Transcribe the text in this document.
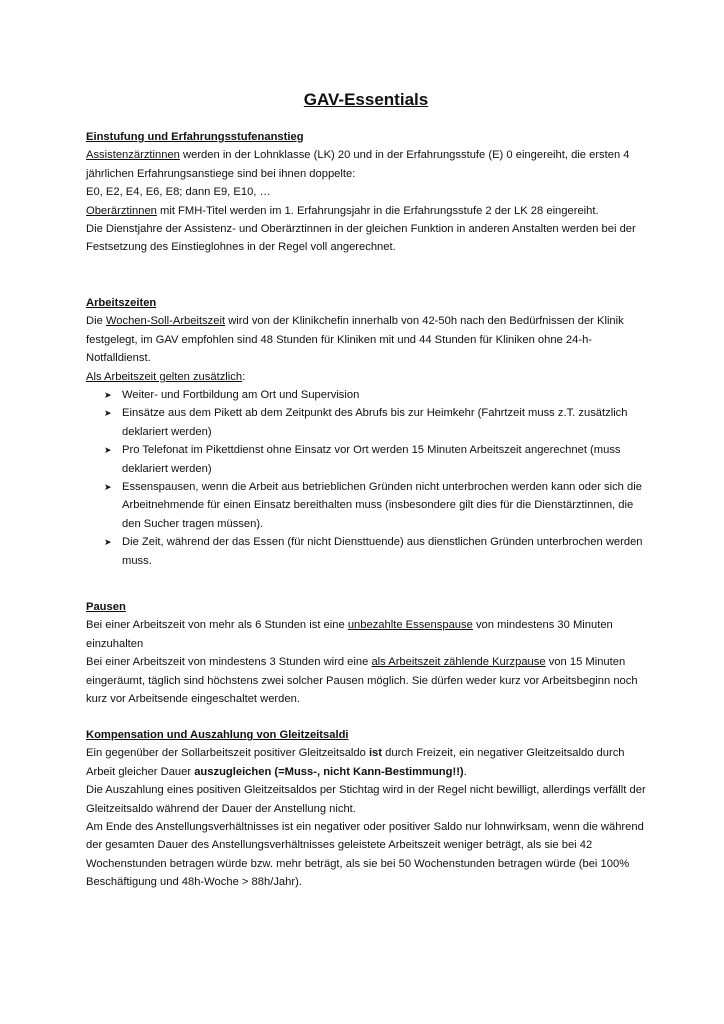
GAV-Essentials

Einstufung und Erfahrungsstufenanstieg

Assistenzärztinnen werden in der Lohnklasse (LK) 20 und in der Erfahrungsstufe (E) 0 eingereiht, die ersten 4 jährlichen Erfahrungsanstiege sind bei ihnen doppelte:

E0, E2, E4, E6, E8; dann E9, E10, …

Oberärztinnen mit FMH-Titel werden im 1. Erfahrungsjahr in die Erfahrungsstufe 2 der LK 28 eingereiht.

Die Dienstjahre der Assistenz- und Oberärztinnen in der gleichen Funktion in anderen Anstalten werden bei der Festsetzung des Einstieglohnes in der Regel voll angerechnet.

Arbeitszeiten

Die Wochen-Soll-Arbeitszeit wird von der Klinikchefin innerhalb von 42-50h nach den Bedürfnissen der Klinik festgelegt, im GAV empfohlen sind 48 Stunden für Kliniken mit und 44 Stunden für Kliniken ohne 24-h-Notfalldienst.

Als Arbeitszeit gelten zusätzlich:

➤ Weiter- und Fortbildung am Ort und Supervision
➤ Einsätze aus dem Pikett ab dem Zeitpunkt des Abrufs bis zur Heimkehr (Fahrtzeit muss z.T. zusätzlich deklariert werden)
➤ Pro Telefonat im Pikettdienst ohne Einsatz vor Ort werden 15 Minuten Arbeitszeit angerechnet (muss deklariert werden)
➤ Essenspausen, wenn die Arbeit aus betrieblichen Gründen nicht unterbrochen werden kann oder sich die Arbeitnehmende für einen Einsatz bereithalten muss (insbesondere gilt dies für die Dienstärztinnen, die den Sucher tragen müssen).
➤ Die Zeit, während der das Essen (für nicht Diensttuende) aus dienstlichen Gründen unterbrochen werden muss.

Pausen

Bei einer Arbeitszeit von mehr als 6 Stunden ist eine unbezahlte Essenspause von mindestens 30 Minuten einzuhalten

Bei einer Arbeitszeit von mindestens 3 Stunden wird eine als Arbeitszeit zählende Kurzpause von 15 Minuten eingeräumt, täglich sind höchstens zwei solcher Pausen möglich. Sie dürfen weder kurz vor Arbeitsbeginn noch kurz vor Arbeitsende eingeschaltet werden.

Kompensation und Auszahlung von Gleitzeitsaldi

Ein gegenüber der Sollarbeitszeit positiver Gleitzeitsaldo ist durch Freizeit, ein negativer Gleitzeitsaldo durch Arbeit gleicher Dauer auszugleichen (=Muss-, nicht Kann-Bestimmung!!).

Die Auszahlung eines positiven Gleitzeitsaldos per Stichtag wird in der Regel nicht bewilligt, allerdings verfällt der Gleitzeitsaldo während der Dauer der Anstellung nicht.

Am Ende des Anstellungsverhältnisses ist ein negativer oder positiver Saldo nur lohnwirksam, wenn die während der gesamten Dauer des Anstellungsverhältnisses geleistete Arbeitszeit weniger beträgt, als sie bei 42 Wochenstunden betragen würde bzw. mehr beträgt, als sie bei 50 Wochenstunden betragen würde (bei 100% Beschäftigung und 48h-Woche > 88h/Jahr).
